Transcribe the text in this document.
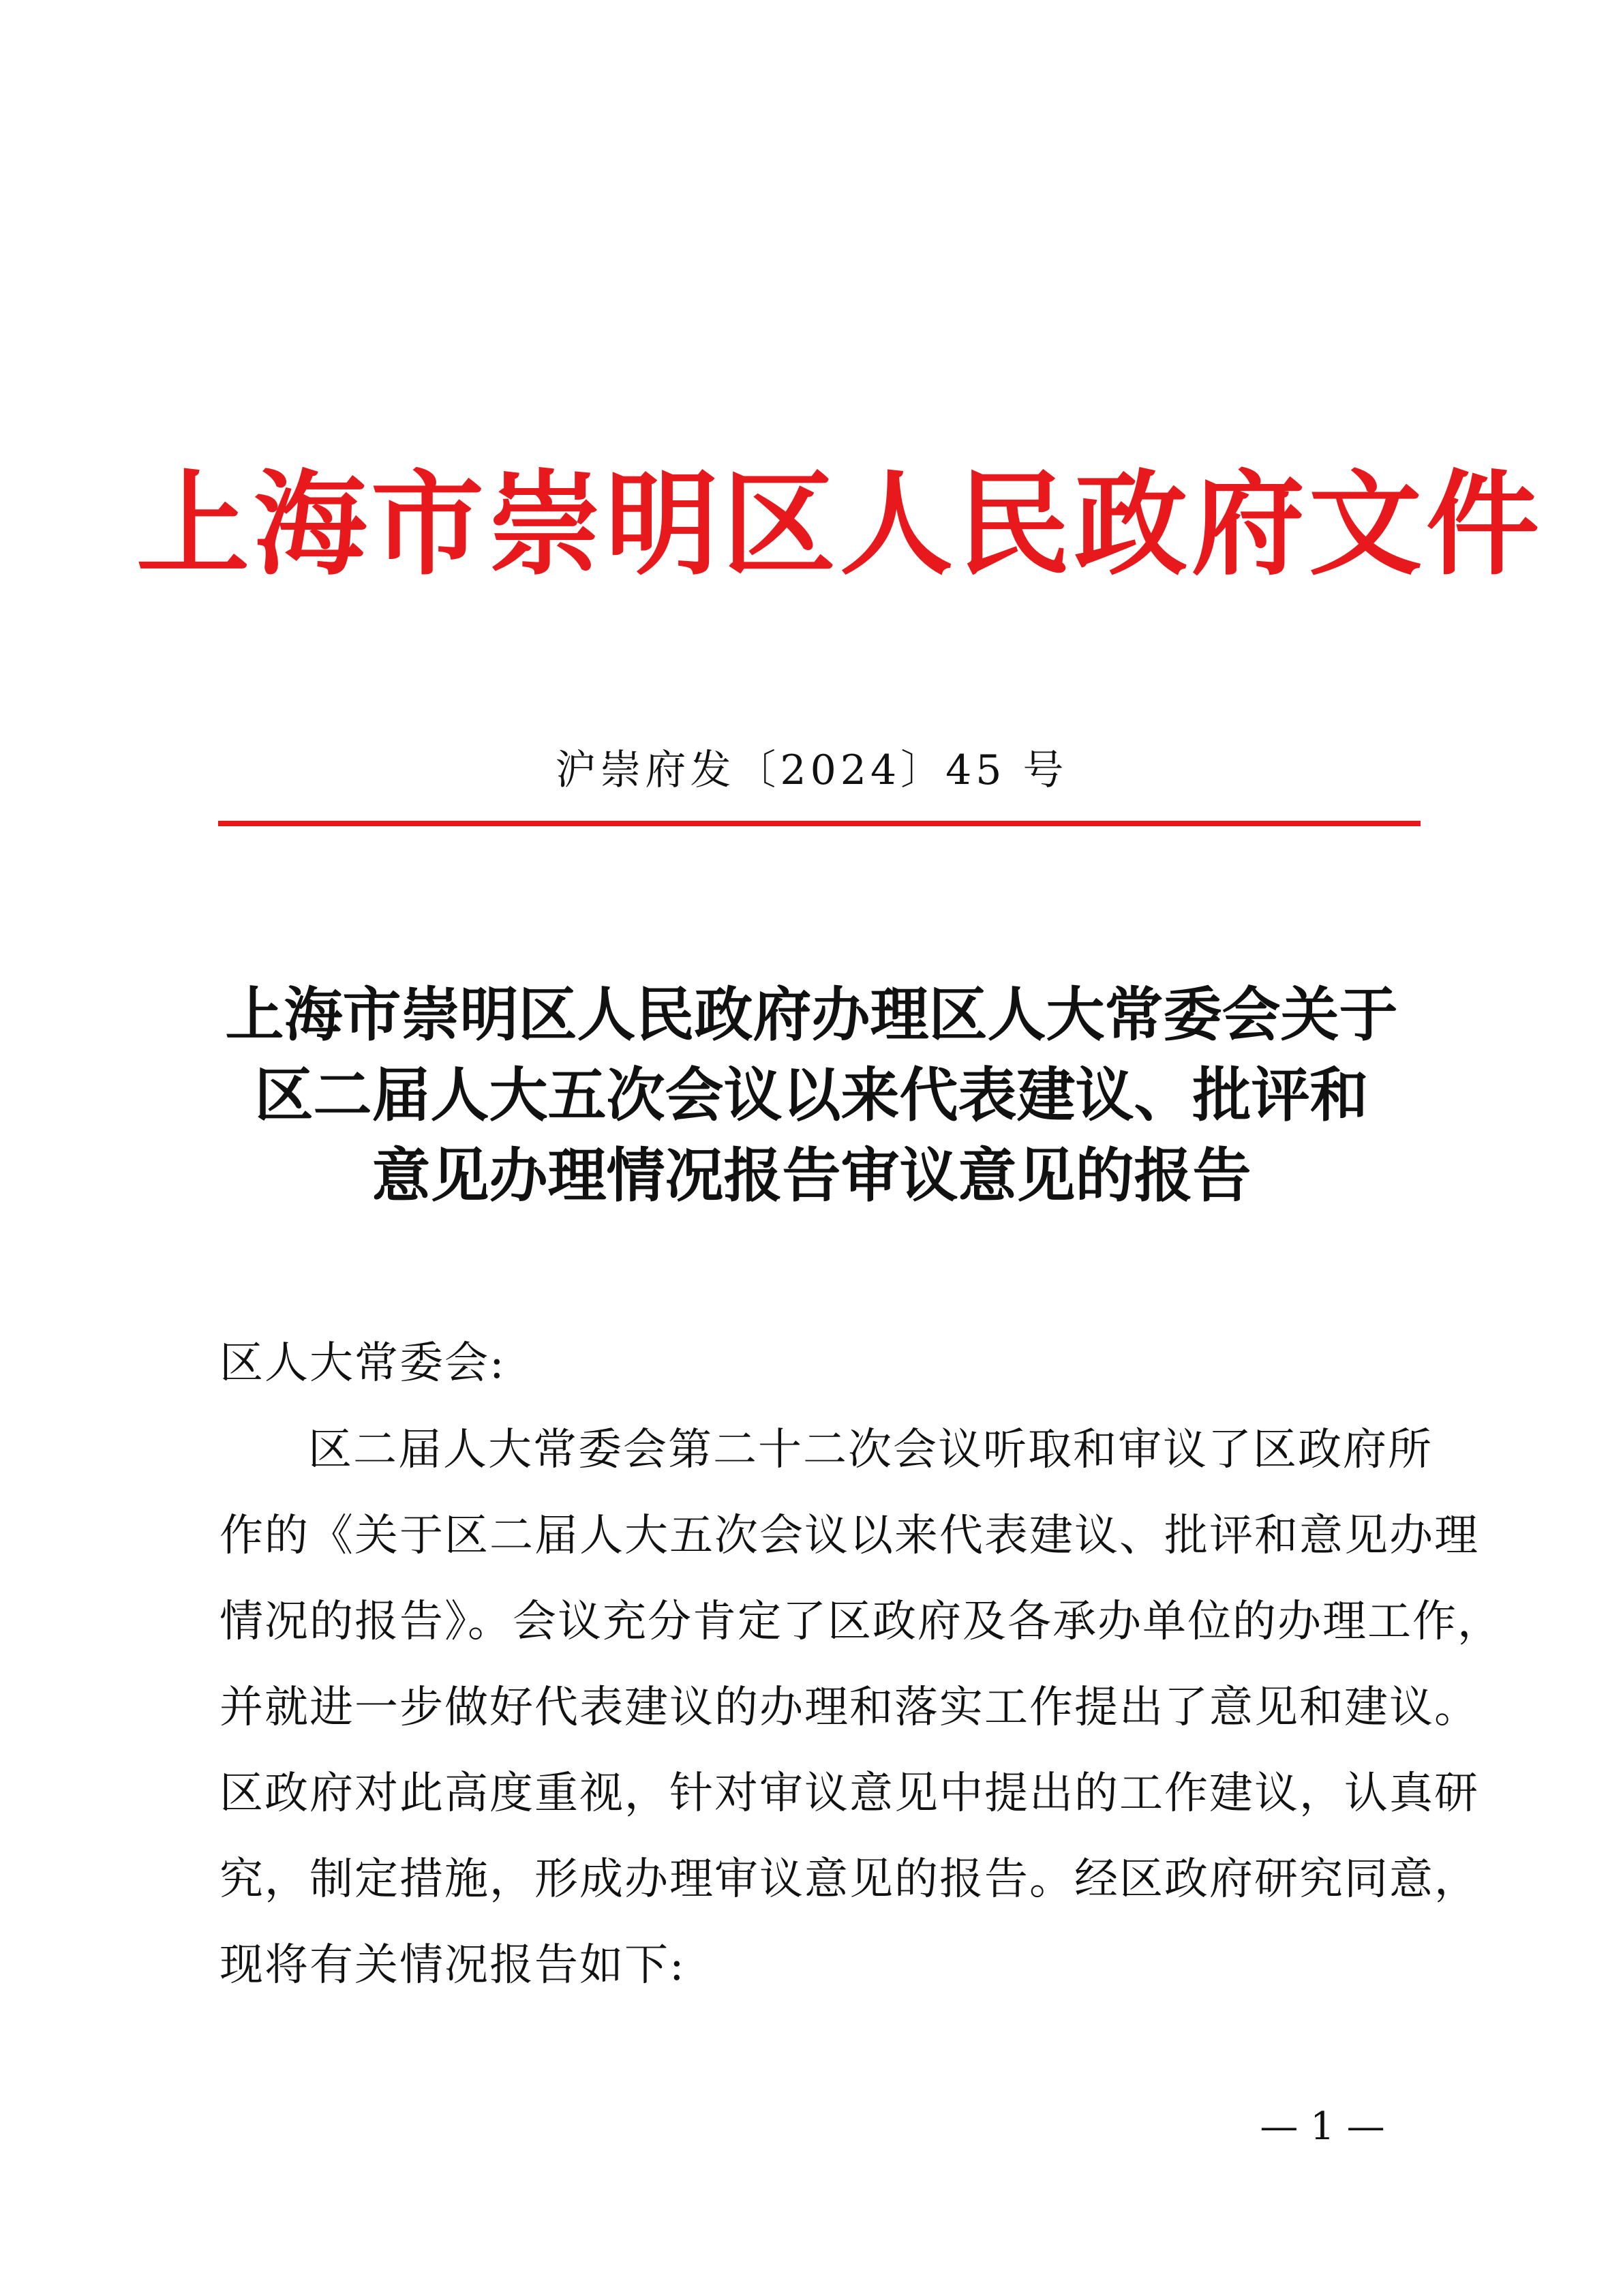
上海市崇明区人民政府文件
沪崇府发〔2024〕45 号
上海市崇明区人民政府办理区人大常委会关于
区二届人大五次会议以来代表建议、批评和
意见办理情况报告审议意见的报告
区人大常委会:
区二届人大常委会第二十二次会议听取和审议了区政府所
作的《关于区二届人大五次会议以来代表建议、批评和意见办理
情况的报告》。会议充分肯定了区政府及各承办单位的办理工作，
并就进一步做好代表建议的办理和落实工作提出了意见和建议。
区政府对此高度重视，针对审议意见中提出的工作建议，认真研
究，制定措施，形成办理审议意见的报告。经区政府研究同意，
现将有关情况报告如下:
— 1 —
